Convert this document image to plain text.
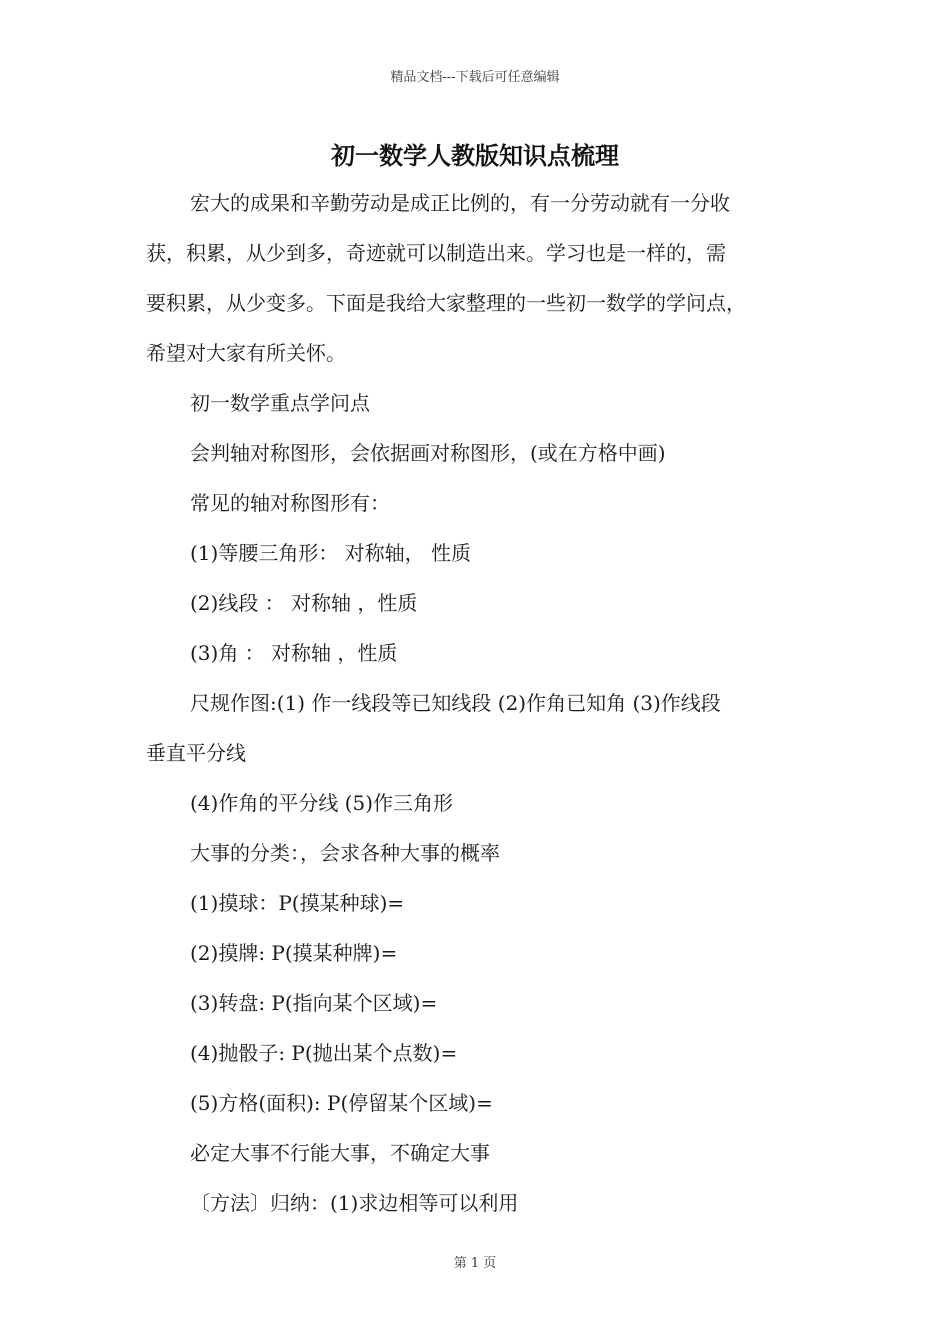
精品文档---下载后可任意编辑
初一数学人教版知识点梳理
宏大的成果和辛勤劳动是成正比例的，有一分劳动就有一分收
获，积累，从少到多，奇迹就可以制造出来。学习也是一样的，需
要积累，从少变多。下面是我给大家整理的一些初一数学的学问点，
希望对大家有所关怀。
初一数学重点学问点
会判轴对称图形，会依据画对称图形，(或在方格中画)
常见的轴对称图形有：
(1)等腰三角形： 对称轴， 性质
(2)线段 ： 对称轴 ，性质
(3)角 ： 对称轴 ，性质
尺规作图:(1) 作一线段等已知线段 (2)作角已知角 (3)作线段
垂直平分线
(4)作角的平分线 (5)作三角形
大事的分类：，会求各种大事的概率
(1)摸球：P(摸某种球)=
(2)摸牌: P(摸某种牌)=
(3)转盘: P(指向某个区域)=
(4)抛骰子: P(抛出某个点数)=
(5)方格(面积): P(停留某个区域)=
必定大事不行能大事，不确定大事
〔方法〕归纳：(1)求边相等可以利用
第 1 页
